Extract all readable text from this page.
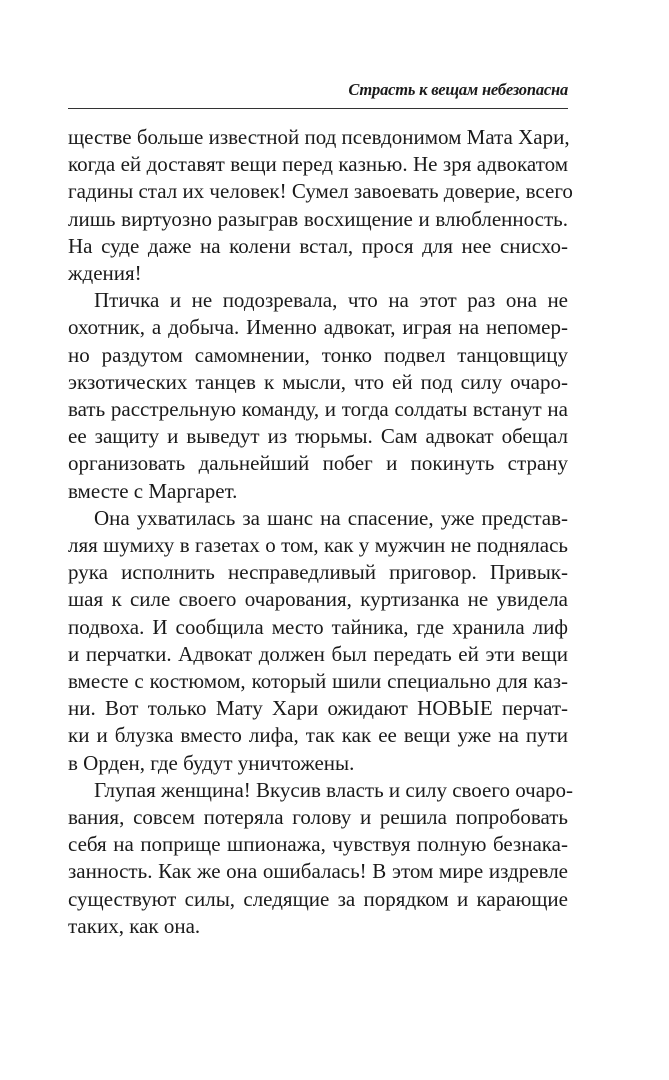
Страсть к вещам небезопасна

ществе больше известной под псевдонимом Мата Хари,
когда ей доставят вещи перед казнью. Не зря адвокатом
гадины стал их человек! Сумел завоевать доверие, всего
лишь виртуозно разыграв восхищение и влюбленность.
На суде даже на колени встал, прося для нее снисхо-
ждения!

Птичка и не подозревала, что на этот раз она не
охотник, а добыча. Именно адвокат, играя на непомер-
но раздутом самомнении, тонко подвел танцовщицу
экзотических танцев к мысли, что ей под силу очаро-
вать расстрельную команду, и тогда солдаты встанут на
ее защиту и выведут из тюрьмы. Сам адвокат обещал
организовать дальнейший побег и покинуть страну
вместе с Маргарет.

Она ухватилась за шанс на спасение, уже представ-
ляя шумиху в газетах о том, как у мужчин не поднялась
рука исполнить несправедливый приговор. Привык-
шая к силе своего очарования, куртизанка не увидела
подвоха. И сообщила место тайника, где хранила лиф
и перчатки. Адвокат должен был передать ей эти вещи
вместе с костюмом, который шили специально для каз-
ни. Вот только Мату Хари ожидают НОВЫЕ перчат-
ки и блузка вместо лифа, так как ее вещи уже на пути
в Орден, где будут уничтожены.

Глупая женщина! Вкусив власть и силу своего очаро-
вания, совсем потеряла голову и решила попробовать
себя на поприще шпионажа, чувствуя полную безнака-
занность. Как же она ошибалась! В этом мире издревле
существуют силы, следящие за порядком и карающие
таких, как она.
